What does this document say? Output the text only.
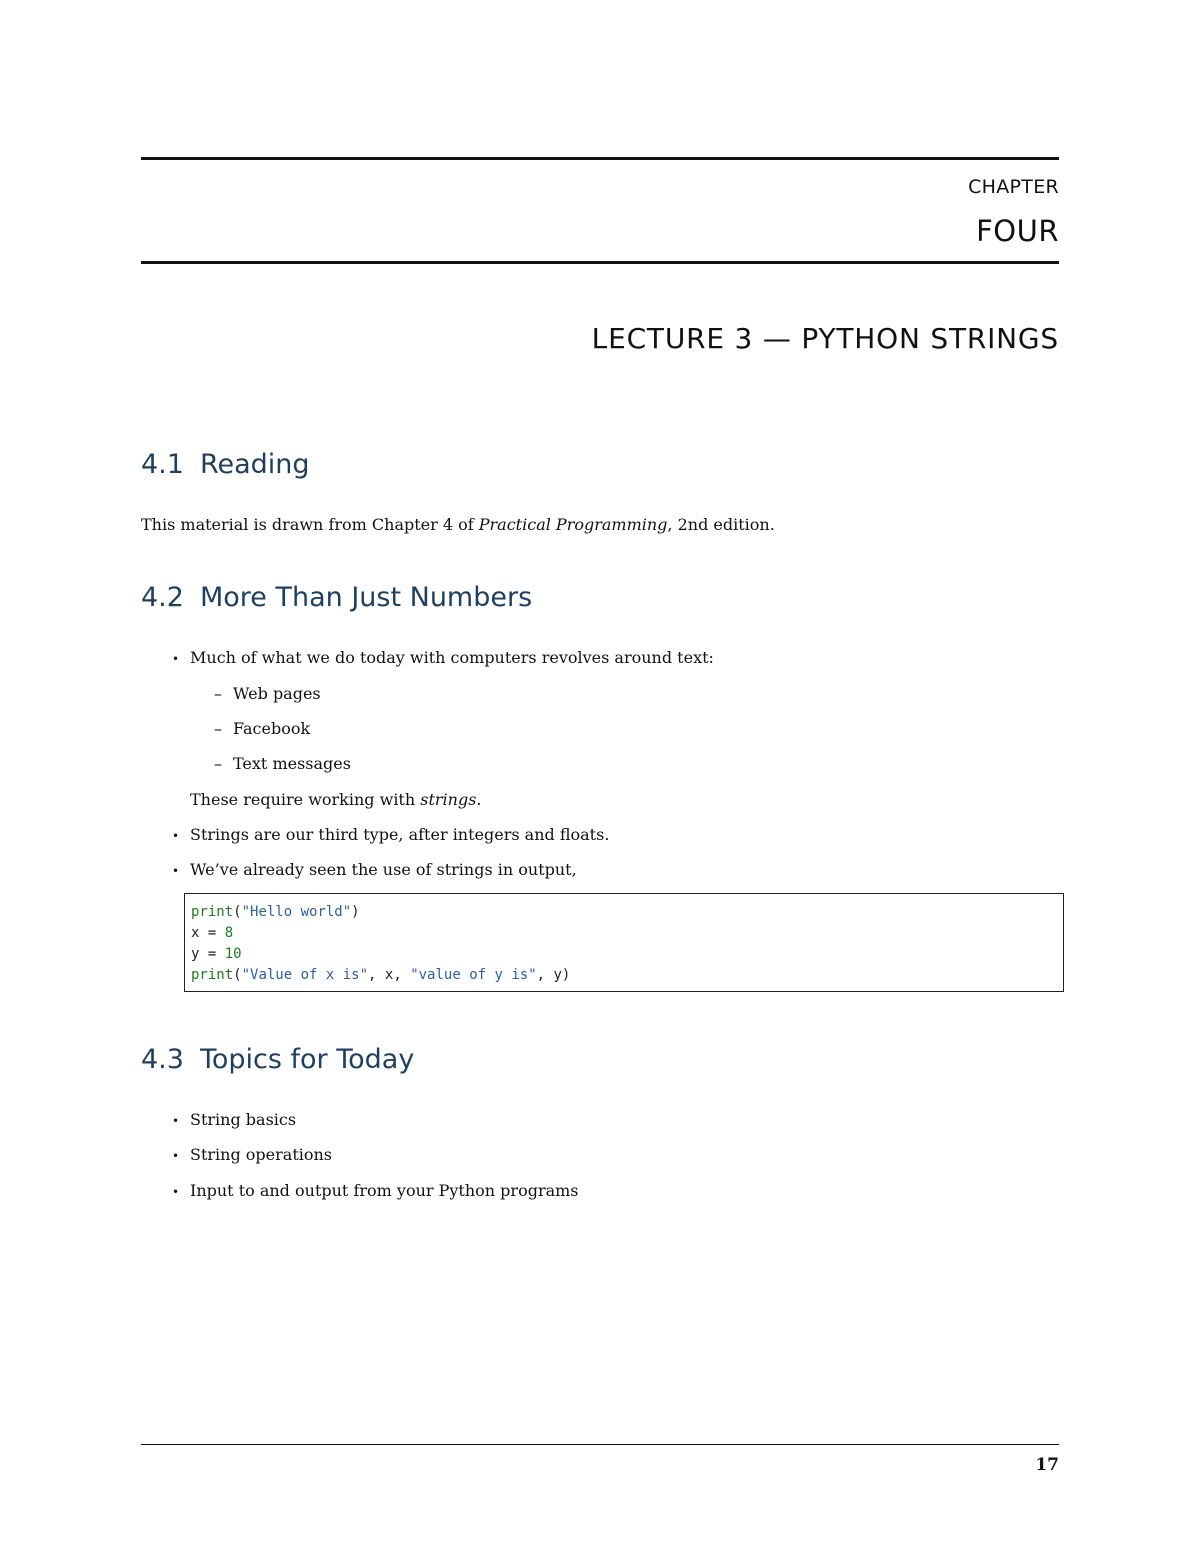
CHAPTER
FOUR
LECTURE 3 — PYTHON STRINGS
4.1 Reading
This material is drawn from Chapter 4 of Practical Programming, 2nd edition.
4.2 More Than Just Numbers
• Much of what we do today with computers revolves around text:
– Web pages
– Facebook
– Text messages
These require working with strings.
• Strings are our third type, after integers and floats.
• We’ve already seen the use of strings in output,
print("Hello world")
x = 8
y = 10
print("Value of x is", x, "value of y is", y)
4.3 Topics for Today
• String basics
• String operations
• Input to and output from your Python programs
17
